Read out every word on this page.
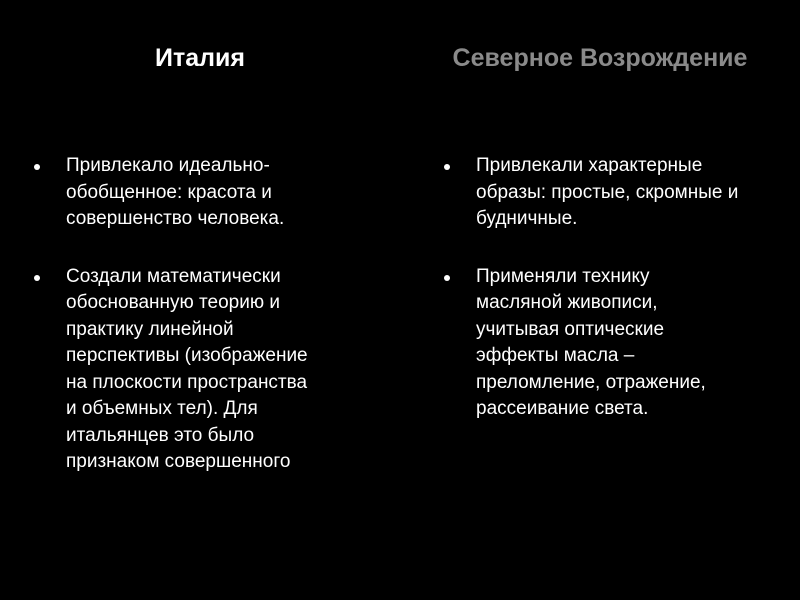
Италия
Привлекало идеально-обобщенное: красота и совершенство человека.
Создали математически обоснованную теорию и практику линейной перспективы (изображение на плоскости пространства и объемных тел). Для итальянцев это было признаком совершенного
Северное Возрождение
Привлекали характерные образы: простые, скромные и будничные.
Применяли технику масляной живописи, учитывая оптические эффекты масла – преломление, отражение, рассеивание света.
